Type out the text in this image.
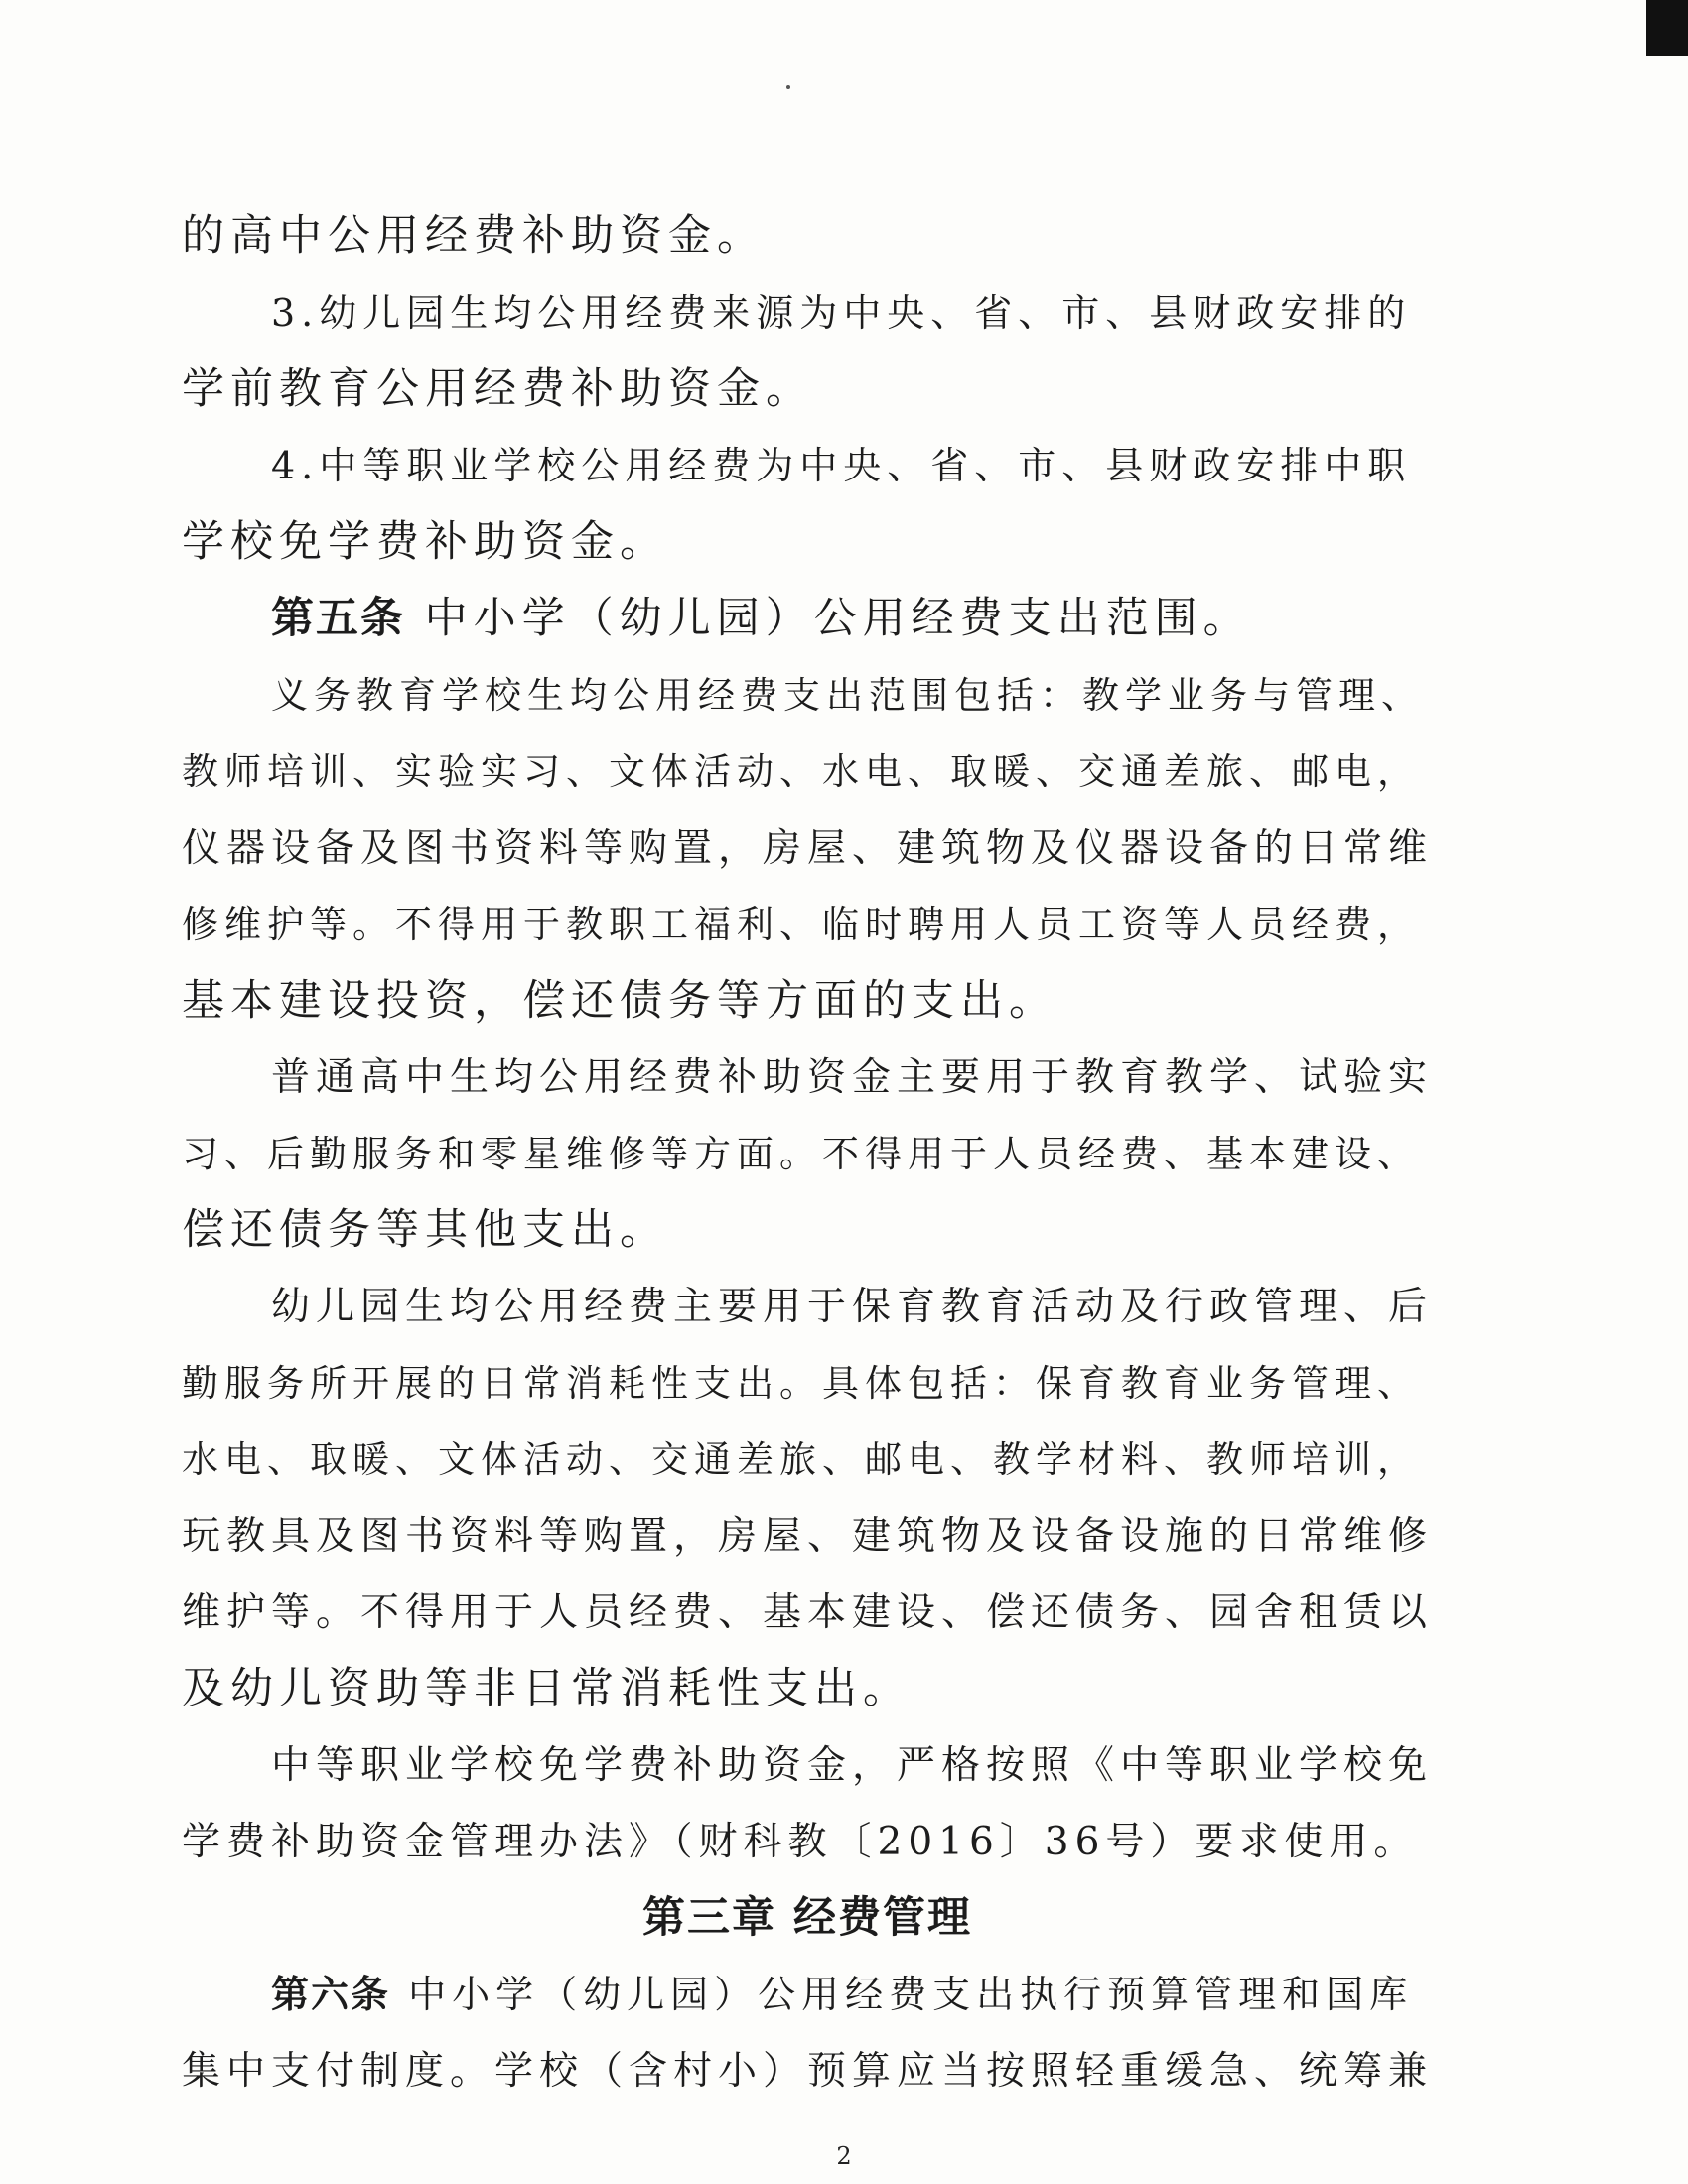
的高中公用经费补助资金。

3.幼儿园生均公用经费来源为中央、省、市、县财政安排的

学前教育公用经费补助资金。

4.中等职业学校公用经费为中央、省、市、县财政安排中职

学校免学费补助资金。

第五条 中小学（幼儿园）公用经费支出范围。

义务教育学校生均公用经费支出范围包括：教学业务与管理、

教师培训、实验实习、文体活动、水电、取暖、交通差旅、邮电，

仪器设备及图书资料等购置，房屋、建筑物及仪器设备的日常维

修维护等。不得用于教职工福利、临时聘用人员工资等人员经费，

基本建设投资，偿还债务等方面的支出。

普通高中生均公用经费补助资金主要用于教育教学、试验实

习、后勤服务和零星维修等方面。不得用于人员经费、基本建设、

偿还债务等其他支出。

幼儿园生均公用经费主要用于保育教育活动及行政管理、后

勤服务所开展的日常消耗性支出。具体包括：保育教育业务管理、

水电、取暖、文体活动、交通差旅、邮电、教学材料、教师培训，

玩教具及图书资料等购置，房屋、建筑物及设备设施的日常维修

维护等。不得用于人员经费、基本建设、偿还债务、园舍租赁以

及幼儿资助等非日常消耗性支出。

中等职业学校免学费补助资金，严格按照《中等职业学校免

学费补助资金管理办法》（财科教〔2016〕36号）要求使用。

第三章 经费管理

第六条 中小学（幼儿园）公用经费支出执行预算管理和国库

集中支付制度。学校（含村小）预算应当按照轻重缓急、统筹兼

2
